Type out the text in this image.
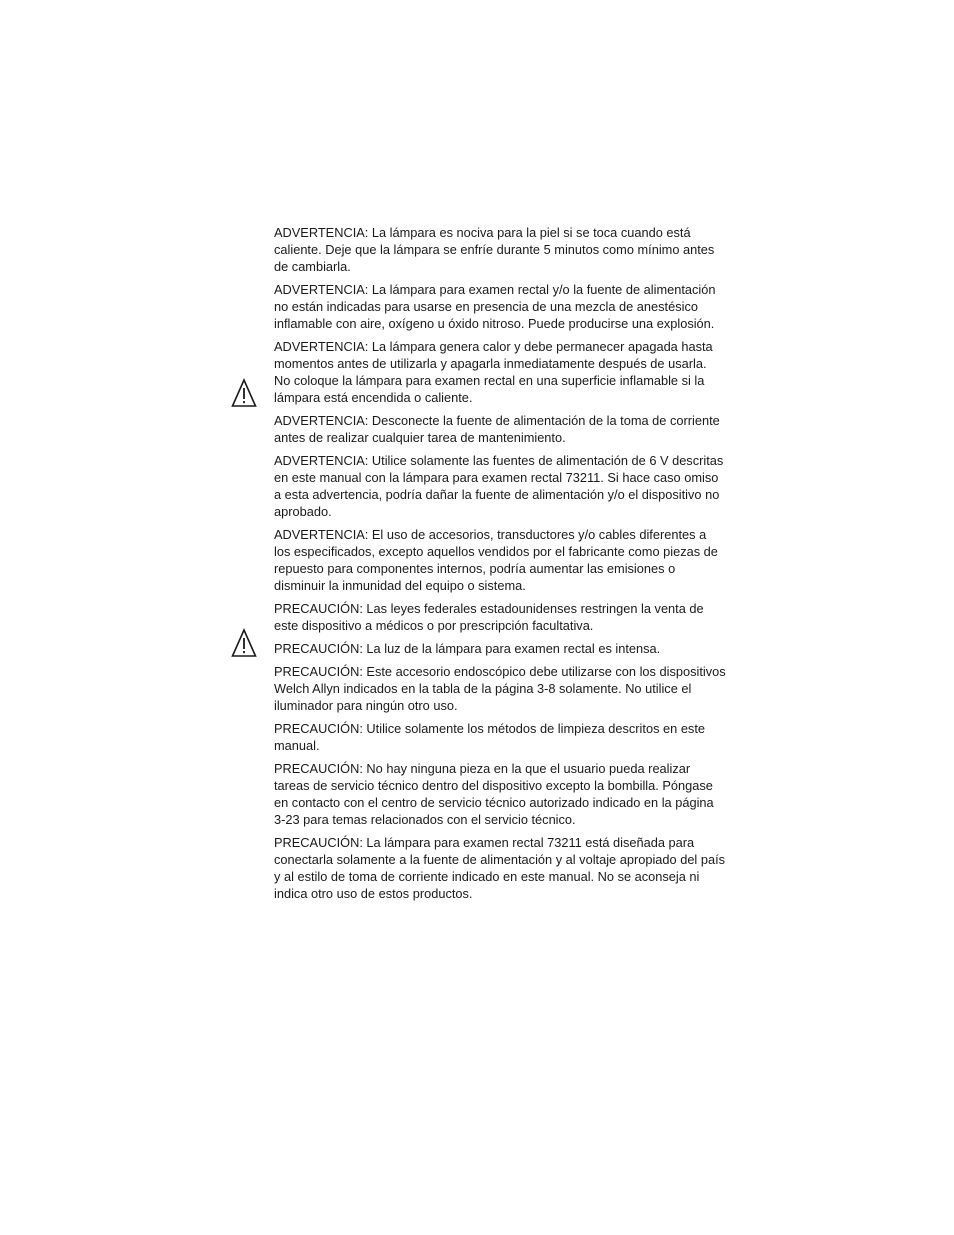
ADVERTENCIA: La lámpara es nociva para la piel si se toca cuando está caliente. Deje que la lámpara se enfríe durante 5 minutos como mínimo antes de cambiarla.

ADVERTENCIA: La lámpara para examen rectal y/o la fuente de alimentación no están indicadas para usarse en presencia de una mezcla de anestésico inflamable con aire, oxígeno u óxido nitroso. Puede producirse una explosión.

ADVERTENCIA: La lámpara genera calor y debe permanecer apagada hasta momentos antes de utilizarla y apagarla inmediatamente después de usarla. No coloque la lámpara para examen rectal en una superficie inflamable si la lámpara está encendida o caliente.

ADVERTENCIA: Desconecte la fuente de alimentación de la toma de corriente antes de realizar cualquier tarea de mantenimiento.

ADVERTENCIA: Utilice solamente las fuentes de alimentación de 6 V descritas en este manual con la lámpara para examen rectal 73211. Si hace caso omiso a esta advertencia, podría dañar la fuente de alimentación y/o el dispositivo no aprobado.

ADVERTENCIA: El uso de accesorios, transductores y/o cables diferentes a los especificados, excepto aquellos vendidos por el fabricante como piezas de repuesto para componentes internos, podría aumentar las emisiones o disminuir la inmunidad del equipo o sistema.

PRECAUCIÓN: Las leyes federales estadounidenses restringen la venta de este dispositivo a médicos o por prescripción facultativa.

PRECAUCIÓN: La luz de la lámpara para examen rectal es intensa.

PRECAUCIÓN: Este accesorio endoscópico debe utilizarse con los dispositivos Welch Allyn indicados en la tabla de la página 3-8 solamente. No utilice el iluminador para ningún otro uso.

PRECAUCIÓN: Utilice solamente los métodos de limpieza descritos en este manual.

PRECAUCIÓN: No hay ninguna pieza en la que el usuario pueda realizar tareas de servicio técnico dentro del dispositivo excepto la bombilla. Póngase en contacto con el centro de servicio técnico autorizado indicado en la página 3-23 para temas relacionados con el servicio técnico.

PRECAUCIÓN: La lámpara para examen rectal 73211 está diseñada para conectarla solamente a la fuente de alimentación y al voltaje apropiado del país y al estilo de toma de corriente indicado en este manual. No se aconseja ni indica otro uso de estos productos.
